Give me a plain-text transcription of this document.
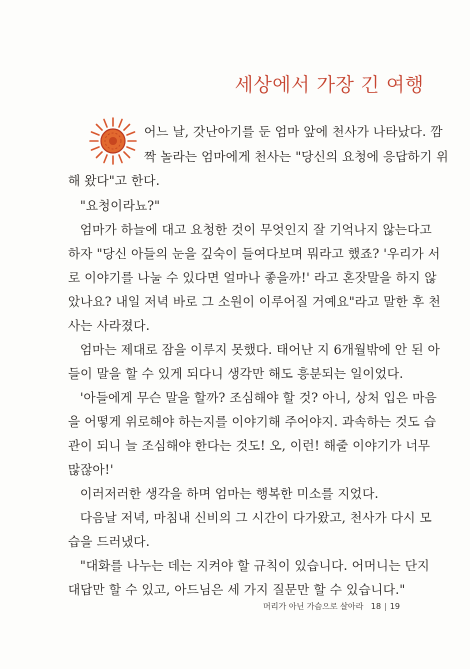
세상에서 가장 긴 여행
어느 날, 갓난아기를 둔 엄마 앞에 천사가 나타났다. 깜
짝 놀라는 엄마에게 천사는 "당신의 요청에 응답하기 위
해 왔다"고 한다.
"요청이라뇨?"
엄마가 하늘에 대고 요청한 것이 무엇인지 잘 기억나지 않는다고
하자 "당신 아들의 눈을 깊숙이 들여다보며 뭐라고 했죠? '우리가 서
로 이야기를 나눌 수 있다면 얼마나 좋을까!' 라고 혼잣말을 하지 않
았나요? 내일 저녁 바로 그 소원이 이루어질 거예요"라고 말한 후 천
사는 사라졌다.
엄마는 제대로 잠을 이루지 못했다. 태어난 지 6개월밖에 안 된 아
들이 말을 할 수 있게 되다니 생각만 해도 흥분되는 일이었다.
'아들에게 무슨 말을 할까? 조심해야 할 것? 아니, 상처 입은 마음
을 어떻게 위로해야 하는지를 이야기해 주어야지. 과속하는 것도 습
관이 되니 늘 조심해야 한다는 것도! 오, 이런! 해줄 이야기가 너무
많잖아!'
이러저러한 생각을 하며 엄마는 행복한 미소를 지었다.
다음날 저녁, 마침내 신비의 그 시간이 다가왔고, 천사가 다시 모
습을 드러냈다.
"대화를 나누는 데는 지켜야 할 규칙이 있습니다. 어머니는 단지
대답만 할 수 있고, 아드님은 세 가지 질문만 할 수 있습니다."
머리가 아닌 가슴으로 살아라 18 | 19
